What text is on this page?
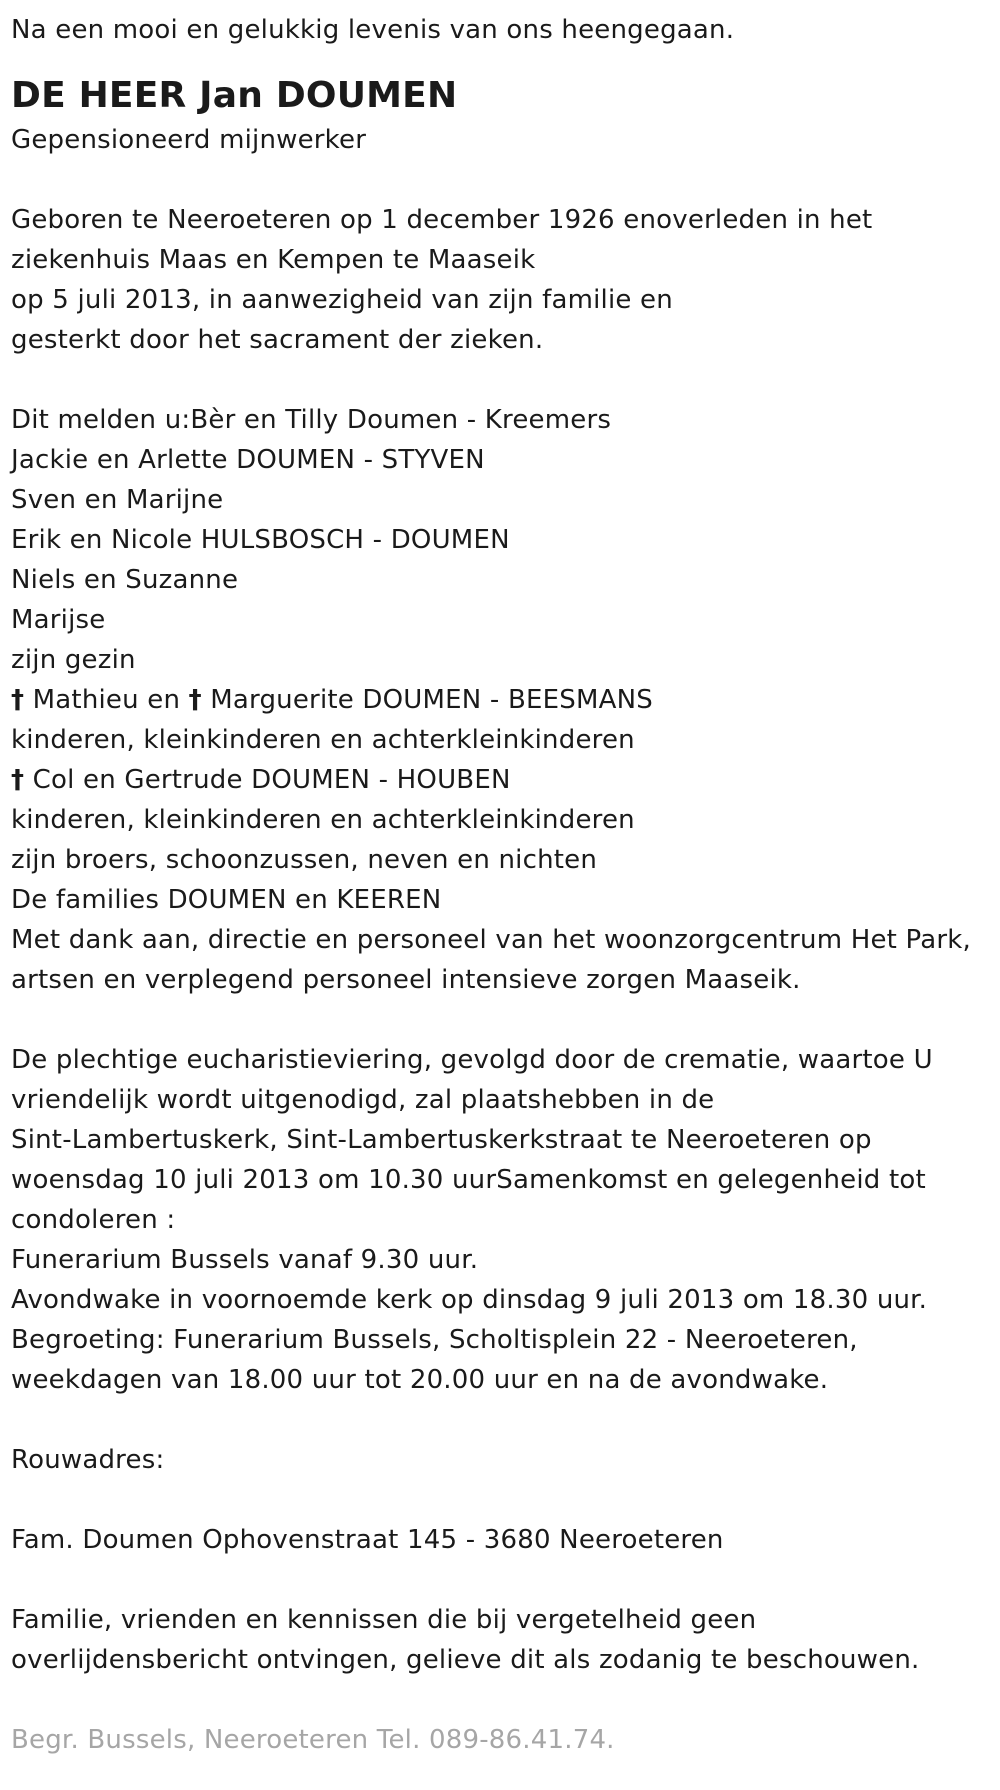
Na een mooi en gelukkig levenis van ons heengegaan.
DE HEER Jan DOUMEN
Gepensioneerd mijnwerker
Geboren te Neeroeteren op 1 december 1926 enoverleden in het
ziekenhuis Maas en Kempen te Maaseik
op 5 juli 2013, in aanwezigheid van zijn familie en
gesterkt door het sacrament der zieken.
Dit melden u:Bèr en Tilly Doumen - Kreemers
Jackie en Arlette DOUMEN - STYVEN
Sven en Marijne
Erik en Nicole HULSBOSCH - DOUMEN
Niels en Suzanne
Marijse
zijn gezin
† Mathieu en † Marguerite DOUMEN - BEESMANS
kinderen, kleinkinderen en achterkleinkinderen
† Col en Gertrude DOUMEN - HOUBEN
kinderen, kleinkinderen en achterkleinkinderen
zijn broers, schoonzussen, neven en nichten
De families DOUMEN en KEEREN
Met dank aan, directie en personeel van het woonzorgcentrum Het Park,
artsen en verplegend personeel intensieve zorgen Maaseik.
De plechtige eucharistieviering, gevolgd door de crematie, waartoe U
vriendelijk wordt uitgenodigd, zal plaatshebben in de
Sint-Lambertuskerk, Sint-Lambertuskerkstraat te Neeroeteren op
woensdag 10 juli 2013 om 10.30 uurSamenkomst en gelegenheid tot
condoleren :
Funerarium Bussels vanaf 9.30 uur.
Avondwake in voornoemde kerk op dinsdag 9 juli 2013 om 18.30 uur.
Begroeting: Funerarium Bussels, Scholtisplein 22 - Neeroeteren,
weekdagen van 18.00 uur tot 20.00 uur en na de avondwake.
Rouwadres:
Fam. Doumen Ophovenstraat 145 - 3680 Neeroeteren
Familie, vrienden en kennissen die bij vergetelheid geen
overlijdensbericht ontvingen, gelieve dit als zodanig te beschouwen.
Begr. Bussels, Neeroeteren Tel. 089-86.41.74.
